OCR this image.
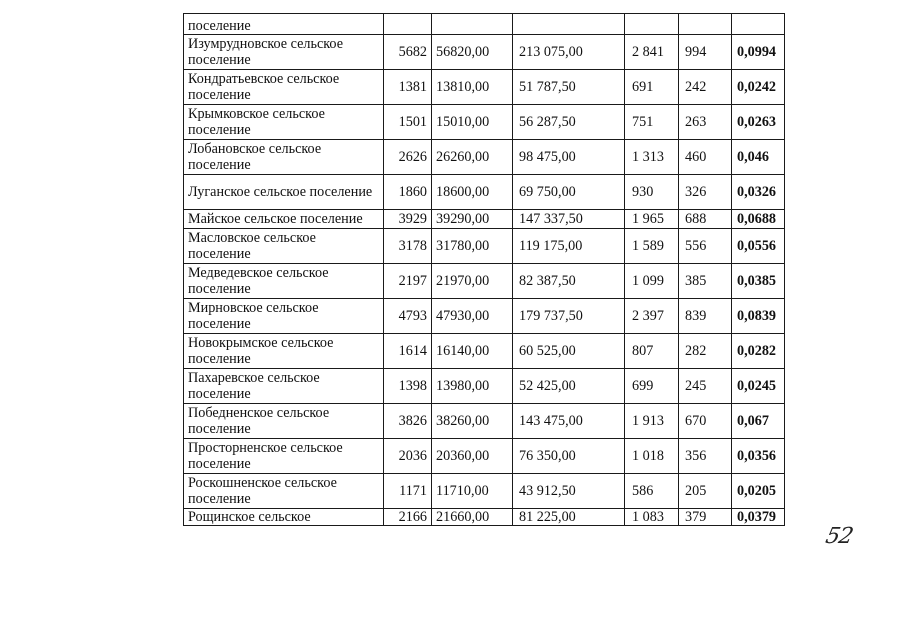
поселение						
Изумрудновское сельское поселение	5682	56820,00	213 075,00	2 841	994	0,0994
Кондратьевское сельское поселение	1381	13810,00	51 787,50	691	242	0,0242
Крымковское сельское поселение	1501	15010,00	56 287,50	751	263	0,0263
Лобановское сельское поселение	2626	26260,00	98 475,00	1 313	460	0,046
Луганское сельское поселение	1860	18600,00	69 750,00	930	326	0,0326
Майское сельское поселение	3929	39290,00	147 337,50	1 965	688	0,0688
Масловское сельское поселение	3178	31780,00	119 175,00	1 589	556	0,0556
Медведевское сельское поселение	2197	21970,00	82 387,50	1 099	385	0,0385
Мирновское сельское поселение	4793	47930,00	179 737,50	2 397	839	0,0839
Новокрымское сельское поселение	1614	16140,00	60 525,00	807	282	0,0282
Пахаревское сельское поселение	1398	13980,00	52 425,00	699	245	0,0245
Победненское сельское поселение	3826	38260,00	143 475,00	1 913	670	0,067
Просторненское сельское поселение	2036	20360,00	76 350,00	1 018	356	0,0356
Роскошненское сельское поселение	1171	11710,00	43 912,50	586	205	0,0205
Рощинское сельское	2166	21660,00	81 225,00	1 083	379	0,0379
52
